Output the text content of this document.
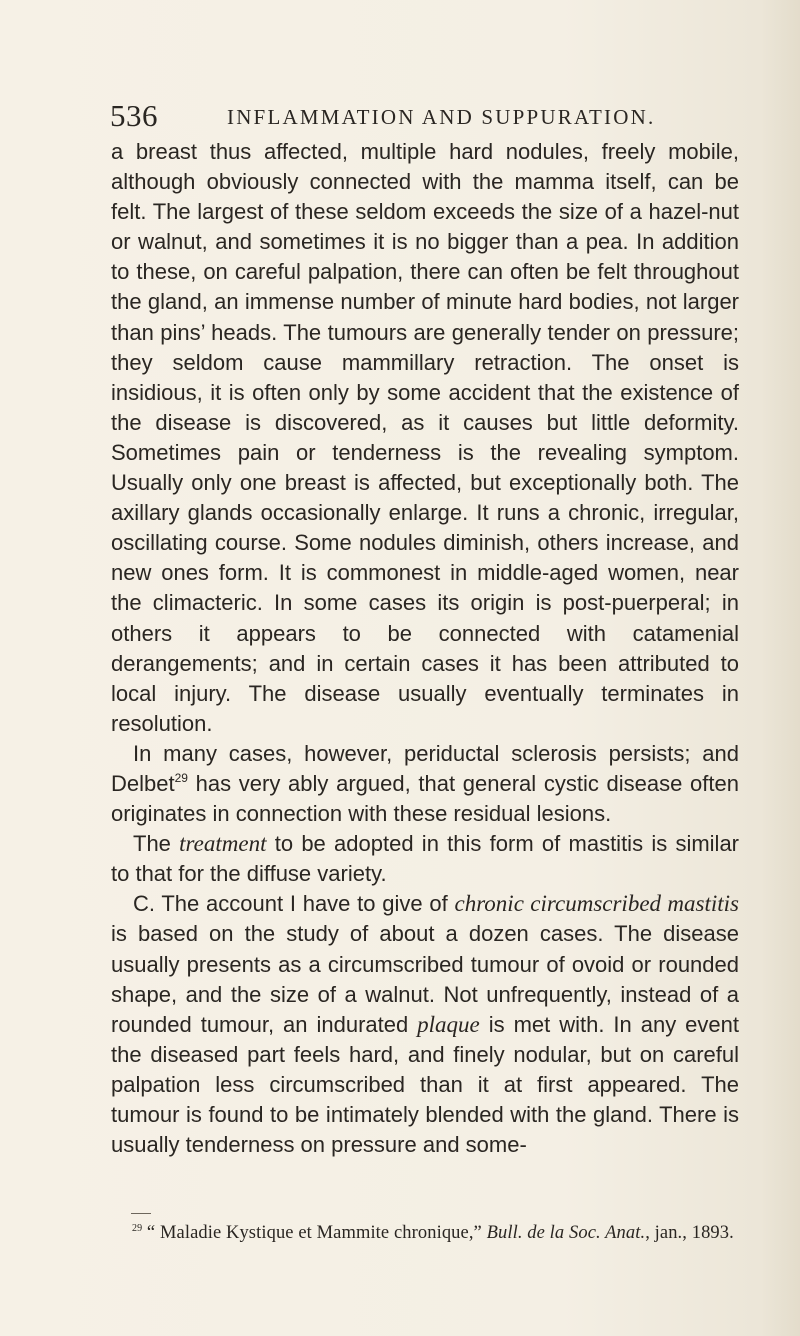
536	INFLAMMATION AND SUPPURATION.

a breast thus affected, multiple hard nodules, freely mobile, although obviously connected with the mamma itself, can be felt. The largest of these seldom exceeds the size of a hazel-nut or walnut, and sometimes it is no bigger than a pea. In addition to these, on careful palpation, there can often be felt throughout the gland, an immense number of minute hard bodies, not larger than pins’ heads. The tumours are generally tender on pressure; they seldom cause mammillary retraction. The onset is insidious, it is often only by some accident that the existence of the disease is discovered, as it causes but little deformity. Sometimes pain or tenderness is the revealing symptom. Usually only one breast is affected, but exceptionally both. The axillary glands occasionally enlarge. It runs a chronic, irregular, oscillating course. Some nodules diminish, others increase, and new ones form. It is commonest in middle-aged women, near the climacteric. In some cases its origin is post-puerperal; in others it appears to be connected with catamenial derangements; and in certain cases it has been attributed to local injury. The disease usually eventually terminates in resolution.

In many cases, however, periductal sclerosis persists; and Delbet$^{29}$ has very ably argued, that general cystic disease often originates in connection with these residual lesions.

The treatment to be adopted in this form of mastitis is similar to that for the diffuse variety.

C. The account I have to give of chronic circumscribed mastitis is based on the study of about a dozen cases. The disease usually presents as a circumscribed tumour of ovoid or rounded shape, and the size of a walnut. Not unfrequently, instead of a rounded tumour, an indurated plaque is met with. In any event the diseased part feels hard, and finely nodular, but on careful palpation less circumscribed than it at first appeared. The tumour is found to be intimately blended with the gland. There is usually tenderness on pressure and some-

$^{29}$ “ Maladie Kystique et Mammite chronique,” Bull. de la Soc. Anat., jan., 1893.
